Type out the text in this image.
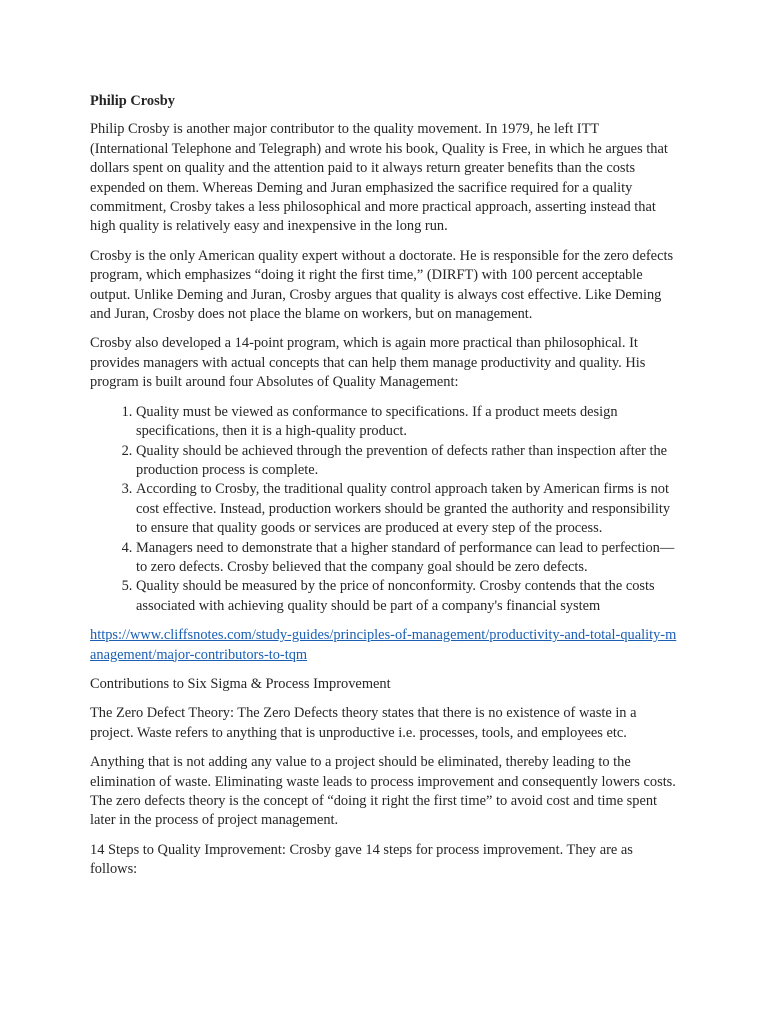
Philip Crosby

Philip Crosby is another major contributor to the quality movement. In 1979, he left ITT (International Telephone and Telegraph) and wrote his book, Quality is Free, in which he argues that dollars spent on quality and the attention paid to it always return greater benefits than the costs expended on them. Whereas Deming and Juran emphasized the sacrifice required for a quality commitment, Crosby takes a less philosophical and more practical approach, asserting instead that high quality is relatively easy and inexpensive in the long run.

Crosby is the only American quality expert without a doctorate. He is responsible for the zero defects program, which emphasizes “doing it right the first time,” (DIRFT) with 100 percent acceptable output. Unlike Deming and Juran, Crosby argues that quality is always cost effective. Like Deming and Juran, Crosby does not place the blame on workers, but on management.

Crosby also developed a 14-point program, which is again more practical than philosophical. It provides managers with actual concepts that can help them manage productivity and quality. His program is built around four Absolutes of Quality Management:

1. Quality must be viewed as conformance to specifications. If a product meets design specifications, then it is a high-quality product.
2. Quality should be achieved through the prevention of defects rather than inspection after the production process is complete.
3. According to Crosby, the traditional quality control approach taken by American firms is not cost effective. Instead, production workers should be granted the authority and responsibility to ensure that quality goods or services are produced at every step of the process.
4. Managers need to demonstrate that a higher standard of performance can lead to perfection—to zero defects. Crosby believed that the company goal should be zero defects.
5. Quality should be measured by the price of nonconformity. Crosby contends that the costs associated with achieving quality should be part of a company's financial system

https://www.cliffsnotes.com/study-guides/principles-of-management/productivity-and-total-quality-management/major-contributors-to-tqm

Contributions to Six Sigma & Process Improvement

The Zero Defect Theory: The Zero Defects theory states that there is no existence of waste in a project. Waste refers to anything that is unproductive i.e. processes, tools, and employees etc.

Anything that is not adding any value to a project should be eliminated, thereby leading to the elimination of waste. Eliminating waste leads to process improvement and consequently lowers costs. The zero defects theory is the concept of “doing it right the first time” to avoid cost and time spent later in the process of project management.

14 Steps to Quality Improvement: Crosby gave 14 steps for process improvement. They are as follows:
